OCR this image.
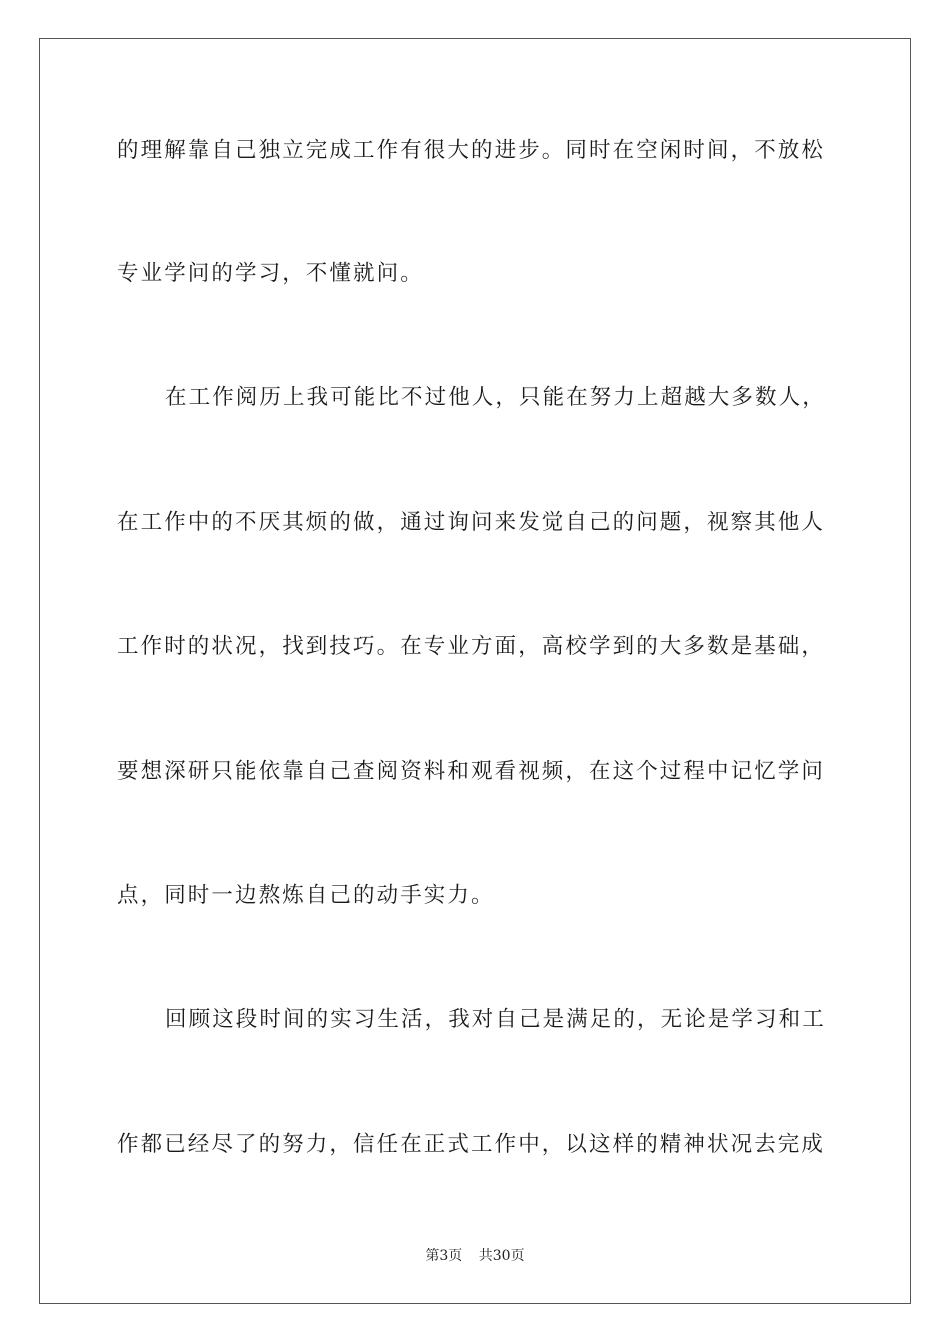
的理解靠自己独立完成工作有很大的进步。同时在空闲时间，不放松
专业学问的学习，不懂就问。
在工作阅历上我可能比不过他人，只能在努力上超越大多数人，
在工作中的不厌其烦的做，通过询问来发觉自己的问题，视察其他人
工作时的状况，找到技巧。在专业方面，高校学到的大多数是基础，
要想深研只能依靠自己查阅资料和观看视频，在这个过程中记忆学问
点，同时一边熬炼自己的动手实力。
回顾这段时间的实习生活，我对自己是满足的，无论是学习和工
作都已经尽了的努力，信任在正式工作中，以这样的精神状况去完成
第3页 共30页
